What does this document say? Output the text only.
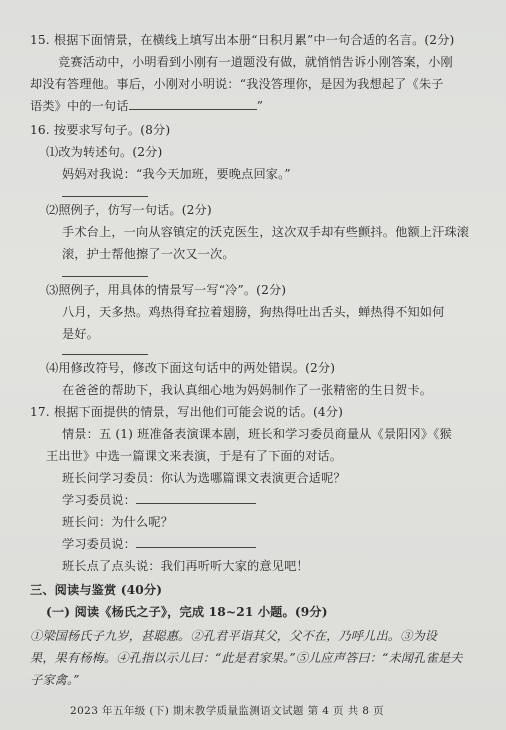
15. 根据下面情景，在横线上填写出本册“日积月累”中一句合适的名言。(2分)
竞赛活动中，小明看到小刚有一道题没有做，就悄悄告诉小刚答案，小刚
却没有答理他。事后，小刚对小明说：“我没答理你，是因为我想起了《朱子
语类》中的一句话	”
16. 按要求写句子。(8分)
⑴改为转述句。(2分)
妈妈对我说：“我今天加班，要晚点回家。”
⑵照例子，仿写一句话。(2分)
手术台上，一向从容镇定的沃克医生，这次双手却有些颤抖。他额上汗珠滚
滚，护士帮他擦了一次又一次。
⑶照例子，用具体的情景写一写“冷”。(2分)
八月，天多热。鸡热得耷拉着翅膀，狗热得吐出舌头，蝉热得不知如何
是好。
⑷用修改符号，修改下面这句话中的两处错误。(2分)
在爸爸的帮助下，我认真细心地为妈妈制作了一张精密的生日贺卡。
17. 根据下面提供的情景，写出他们可能会说的话。(4分)
情景：五 (1) 班准备表演课本剧，班长和学习委员商量从《景阳冈》《猴
王出世》中选一篇课文来表演，于是有了下面的对话。
班长问学习委员：你认为选哪篇课文表演更合适呢？
学习委员说：
班长问：为什么呢？
学习委员说：
班长点了点头说：我们再听听大家的意见吧！
三、阅读与鉴赏 (40分)
(一) 阅读《杨氏之子》，完成 18~21 小题。(9分)
①梁国杨氏子九岁，甚聪惠。②孔君平诣其父，父不在，乃呼儿出。③为设
果，果有杨梅。④孔指以示儿曰：“此是君家果。”⑤儿应声答曰：“未闻孔雀是夫
子家禽。”
2023 年五年级 (下) 期末教学质量监测语文试题 第 4 页 共 8 页
